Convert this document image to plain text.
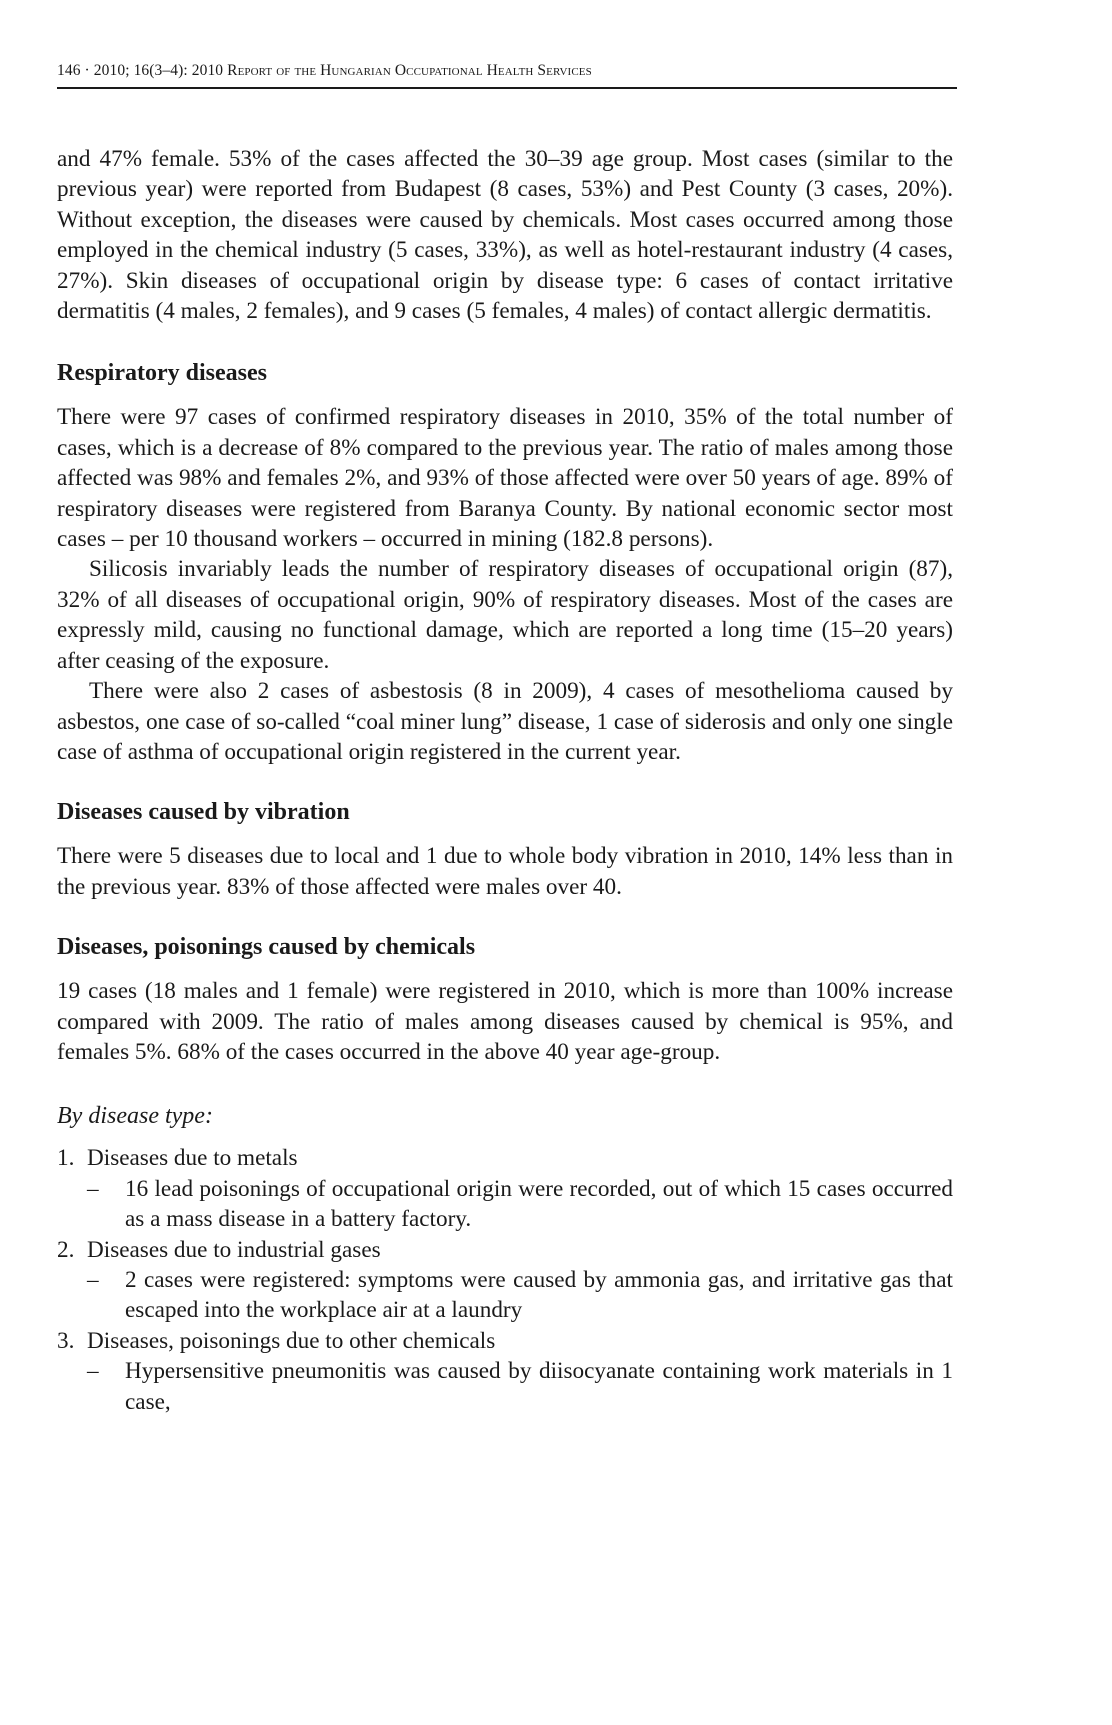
146 · 2010; 16(3–4): 2010 Report of the Hungarian Occupational Health Services

and 47% female. 53% of the cases affected the 30–39 age group. Most cases (similar to the previous year) were reported from Budapest (8 cases, 53%) and Pest County (3 cases, 20%). Without exception, the diseases were caused by chemicals. Most cases occurred among those employed in the chemical industry (5 cases, 33%), as well as hotel-restaurant industry (4 cases, 27%). Skin diseases of occupational origin by disease type: 6 cases of contact irritative dermatitis (4 males, 2 females), and 9 cases (5 females, 4 males) of contact allergic dermatitis.

Respiratory diseases

There were 97 cases of confirmed respiratory diseases in 2010, 35% of the total number of cases, which is a decrease of 8% compared to the previous year. The ratio of males among those affected was 98% and females 2%, and 93% of those affected were over 50 years of age. 89% of respiratory diseases were registered from Baranya County. By national economic sector most cases – per 10 thousand workers – occurred in mining (182.8 persons).

Silicosis invariably leads the number of respiratory diseases of occupational origin (87), 32% of all diseases of occupational origin, 90% of respiratory diseases. Most of the cases are expressly mild, causing no functional damage, which are reported a long time (15–20 years) after ceasing of the exposure.

There were also 2 cases of asbestosis (8 in 2009), 4 cases of mesothelioma caused by asbestos, one case of so-called “coal miner lung” disease, 1 case of siderosis and only one single case of asthma of occupational origin registered in the current year.

Diseases caused by vibration

There were 5 diseases due to local and 1 due to whole body vibration in 2010, 14% less than in the previous year. 83% of those affected were males over 40.

Diseases, poisonings caused by chemicals

19 cases (18 males and 1 female) were registered in 2010, which is more than 100% increase compared with 2009. The ratio of males among diseases caused by chemical is 95%, and females 5%. 68% of the cases occurred in the above 40 year age-group.

By disease type:
1. Diseases due to metals
– 16 lead poisonings of occupational origin were recorded, out of which 15 cases occurred as a mass disease in a battery factory.
2. Diseases due to industrial gases
– 2 cases were registered: symptoms were caused by ammonia gas, and irritative gas that escaped into the workplace air at a laundry
3. Diseases, poisonings due to other chemicals
– Hypersensitive pneumonitis was caused by diisocyanate containing work materials in 1 case,
